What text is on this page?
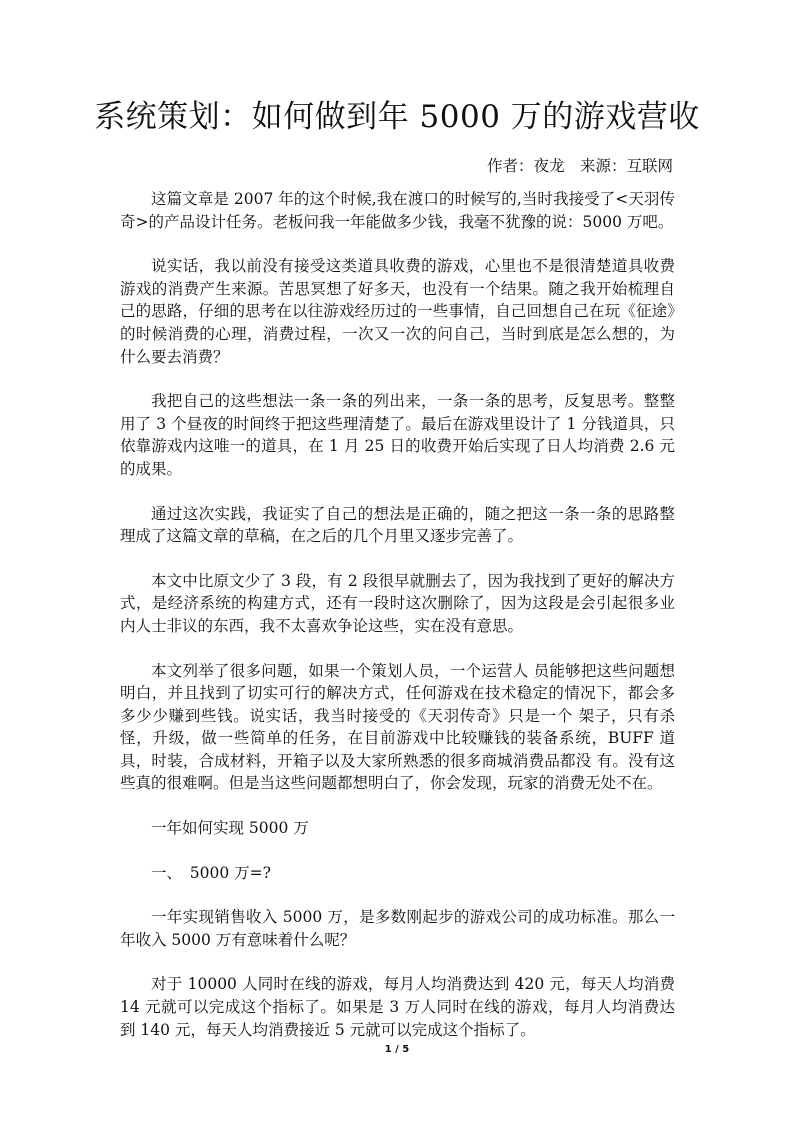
系统策划：如何做到年 5000 万的游戏营收
作者：夜龙　来源：互联网

这篇文章是 2007 年的这个时候,我在渡口的时候写的,当时我接受了<天羽传奇>的产品设计任务。老板问我一年能做多少钱，我毫不犹豫的说：5000 万吧。

说实话，我以前没有接受这类道具收费的游戏，心里也不是很清楚道具收费游戏的消费产生来源。苦思冥想了好多天，也没有一个结果。随之我开始梳理自己的思路，仔细的思考在以往游戏经历过的一些事情，自己回想自己在玩《征途》的时候消费的心理，消费过程，一次又一次的问自己，当时到底是怎么想的，为什么要去消费？

我把自己的这些想法一条一条的列出来，一条一条的思考，反复思考。整整用了 3 个昼夜的时间终于把这些理清楚了。最后在游戏里设计了 1 分钱道具，只依靠游戏内这唯一的道具，在 1 月 25 日的收费开始后实现了日人均消费 2.6 元的成果。

通过这次实践，我证实了自己的想法是正确的，随之把这一条一条的思路整理成了这篇文章的草稿，在之后的几个月里又逐步完善了。

本文中比原文少了 3 段，有 2 段很早就删去了，因为我找到了更好的解决方式，是经济系统的构建方式，还有一段时这次删除了，因为这段是会引起很多业内人士非议的东西，我不太喜欢争论这些，实在没有意思。

本文列举了很多问题，如果一个策划人员，一个运营人 员能够把这些问题想明白，并且找到了切实可行的解决方式，任何游戏在技术稳定的情况下，都会多多少少赚到些钱。说实话，我当时接受的《天羽传奇》只是一个 架子，只有杀怪，升级，做一些简单的任务，在目前游戏中比较赚钱的装备系统，BUFF 道具，时装，合成材料，开箱子以及大家所熟悉的很多商城消费品都没 有。没有这些真的很难啊。但是当这些问题都想明白了，你会发现，玩家的消费无处不在。

一年如何实现 5000 万

一、　5000 万=?

一年实现销售收入 5000 万，是多数刚起步的游戏公司的成功标准。那么一年收入 5000 万有意味着什么呢？

对于 10000 人同时在线的游戏，每月人均消费达到 420 元，每天人均消费 14 元就可以完成这个指标了。如果是 3 万人同时在线的游戏，每月人均消费达到 140 元，每天人均消费接近 5 元就可以完成这个指标了。

1 / 5
